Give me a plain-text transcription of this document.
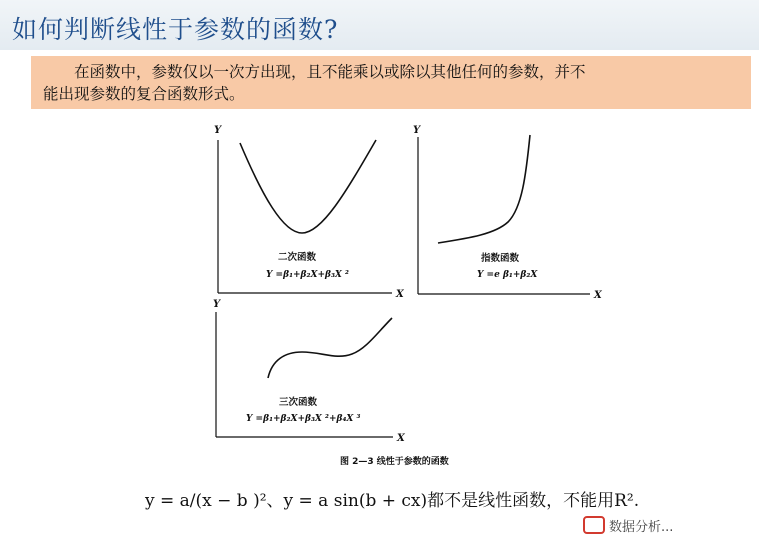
如何判断线性于参数的函数?
在函数中，参数仅以一次方出现，且不能乘以或除以其他任何的参数，并不
能出现参数的复合函数形式。
Y
X
二次函数
Y =β₁+β₂X+β₃X ²
Y
X
指数函数
Y =e β₁+β₂X
Y
X
三次函数
Y =β₁+β₂X+β₃X ²+β₄X ³
图 2—3 线性于参数的函数
y = a/(x − b )²、y = a sin(b + cx)都不是线性函数，不能用R².
数据分析...
